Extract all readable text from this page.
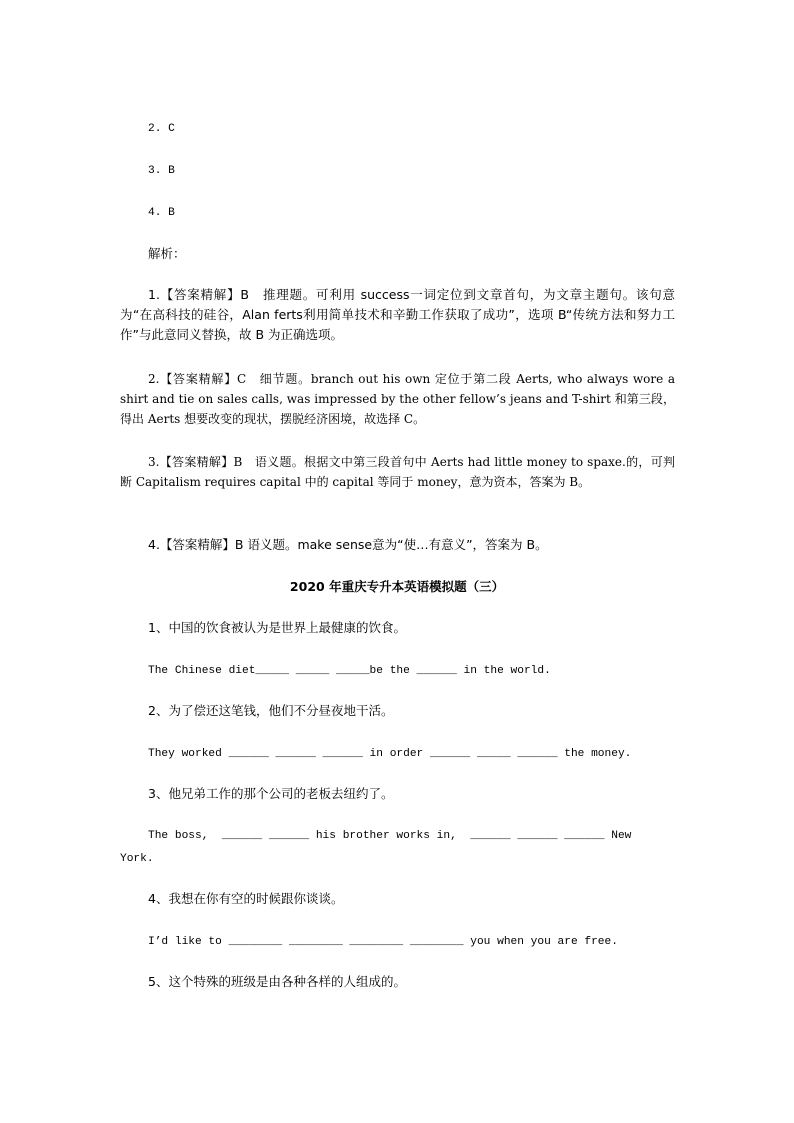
2. C
3. B
4. B
解析：
1.【答案精解】B　推理题。可利用 success一词定位到文章首句，为文章主题句。该句意为“在高科技的硅谷，Alan ferts利用简单技术和辛勤工作获取了成功”，选项 B“传统方法和努力工作”与此意同义替换，故 B 为正确选项。
2.【答案精解】C　细节题。branch out his own 定位于第二段 Aerts, who always wore a shirt and tie on sales calls, was impressed by the other fellow’s jeans and T-shirt 和第三段，得出 Aerts 想要改变的现状，摆脱经济困境，故选择 C。
3.【答案精解】B　语义题。根据文中第三段首句中 Aerts had little money to spaxe.的，可判断 Capitalism requires capital 中的 capital 等同于 money，意为资本，答案为 B。
4.【答案精解】B 语义题。make sense意为“使…有意义”，答案为 B。
2020 年重庆专升本英语模拟题（三）
1、中国的饮食被认为是世界上最健康的饮食。
The Chinese diet_____ _____ _____be the ______ in the world.
2、为了偿还这笔钱，他们不分昼夜地干活。
They worked ______ ______ ______ in order ______ _____ ______ the money.
3、他兄弟工作的那个公司的老板去纽约了。
The boss,  ______ ______ his brother works in,  ______ ______ ______ New
York.
4、我想在你有空的时候跟你谈谈。
I’d like to ________ ________ ________ ________ you when you are free.
5、这个特殊的班级是由各种各样的人组成的。
